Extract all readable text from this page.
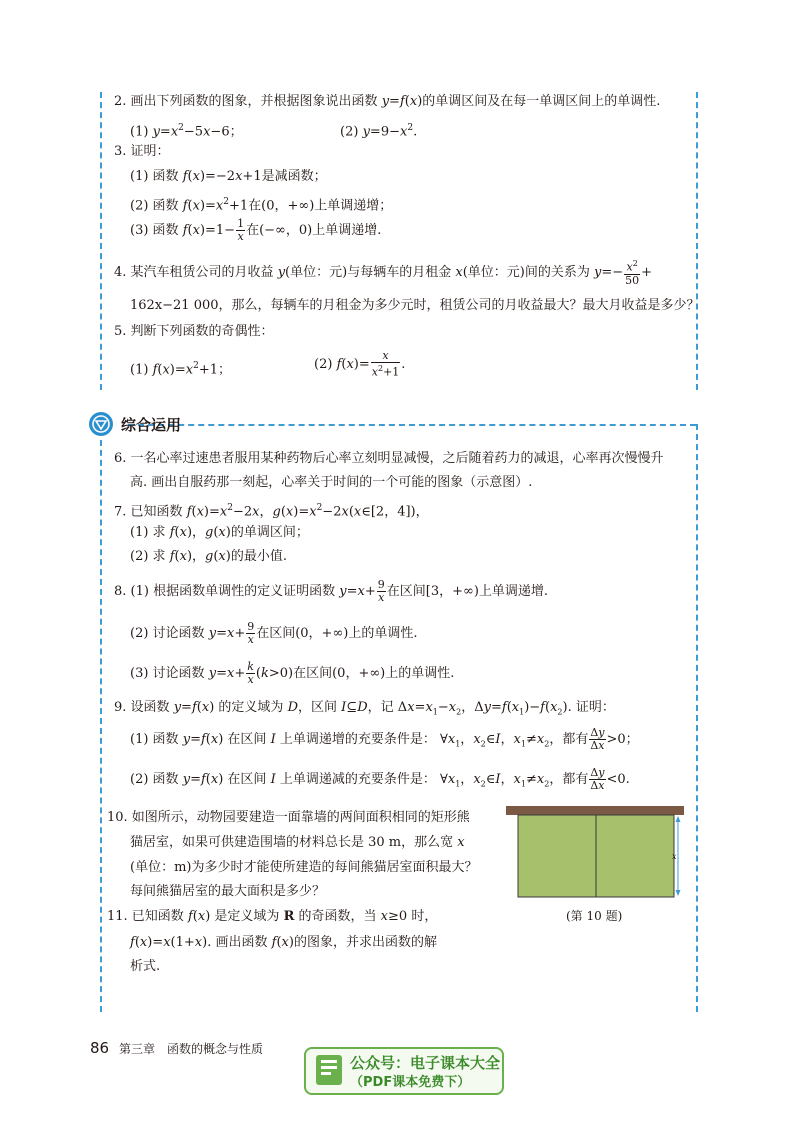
2. 画出下列函数的图象，并根据图象说出函数 y=f(x)的单调区间及在每一单调区间上的单调性.
(1) $y=x^2-5x-6$；	(2) $y=9-x^2$.
3. 证明：
(1) 函数 f(x)=−2x+1是减函数；
(2) 函数 $f(x)=x^2+1$在(0，+∞)上单调递增；
(3) 函数 $f(x)=1- \frac{1}{x}$ 在(−∞，0)上单调递增.
4. 某汽车租赁公司的月收益 y(单位：元)与每辆车的月租金 x(单位：元)间的关系为 $y=- \frac{x^2}{50}$ +
162x−21 000，那么，每辆车的月租金为多少元时，租赁公司的月收益最大？最大月收益是多少？
5. 判断下列函数的奇偶性：
(1) $f(x)=x^2+1$；	(2) $f(x)= \frac{x}{x^2+1}$ .
综合运用
6. 一名心率过速患者服用某种药物后心率立刻明显减慢，之后随着药力的减退，心率再次慢慢升
高. 画出自服药那一刻起，心率关于时间的一个可能的图象（示意图）.
7. 已知函数 $f(x)=x^2-2x$，$g(x)=x^2-2x(x\in[2$，4])，
(1) 求 f(x)，g(x)的单调区间；
(2) 求 f(x)，g(x)的最小值.
8. (1) 根据函数单调性的定义证明函数 $y=x+ \frac{9}{x}$ 在区间[3，+∞)上单调递增.
(2) 讨论函数 $y=x+ \frac{9}{x}$ 在区间(0，+∞)上的单调性.
(3) 讨论函数 $y=x+ \frac{k}{x} (k>0)$在区间(0，+∞)上的单调性.
9. 设函数 y=f(x) 的定义域为 D，区间 I⊆D，记 $\Delta x=x_1-x_2$，$\Delta y=f(x_1)-f(x_2)$. 证明：
(1) 函数 y=f(x) 在区间 I 上单调递增的充要条件是： $\forall x_1$，$x_2\in I$，$x_1\ne x_2$，都有 $\frac{\Delta y}{\Delta x} >0$；
(2) 函数 y=f(x) 在区间 I 上单调递减的充要条件是： $\forall x_1$，$x_2\in I$，$x_1\ne x_2$，都有 $\frac{\Delta y}{\Delta x} <0$.
10. 如图所示，动物园要建造一面靠墙的两间面积相同的矩形熊
猫居室，如果可供建造围墙的材料总长是 30 m，那么宽 x
(单位：m)为多少时才能使所建造的每间熊猫居室面积最大？
每间熊猫居室的最大面积是多少？
11. 已知函数 f(x) 是定义域为 R 的奇函数，当 x≥0 时，
f(x)=x(1+x). 画出函数 f(x)的图象，并求出函数的解
析式.
x
(第 10 题)
86 第三章　函数的概念与性质
公众号：电子课本大全
（PDF课本免费下）
